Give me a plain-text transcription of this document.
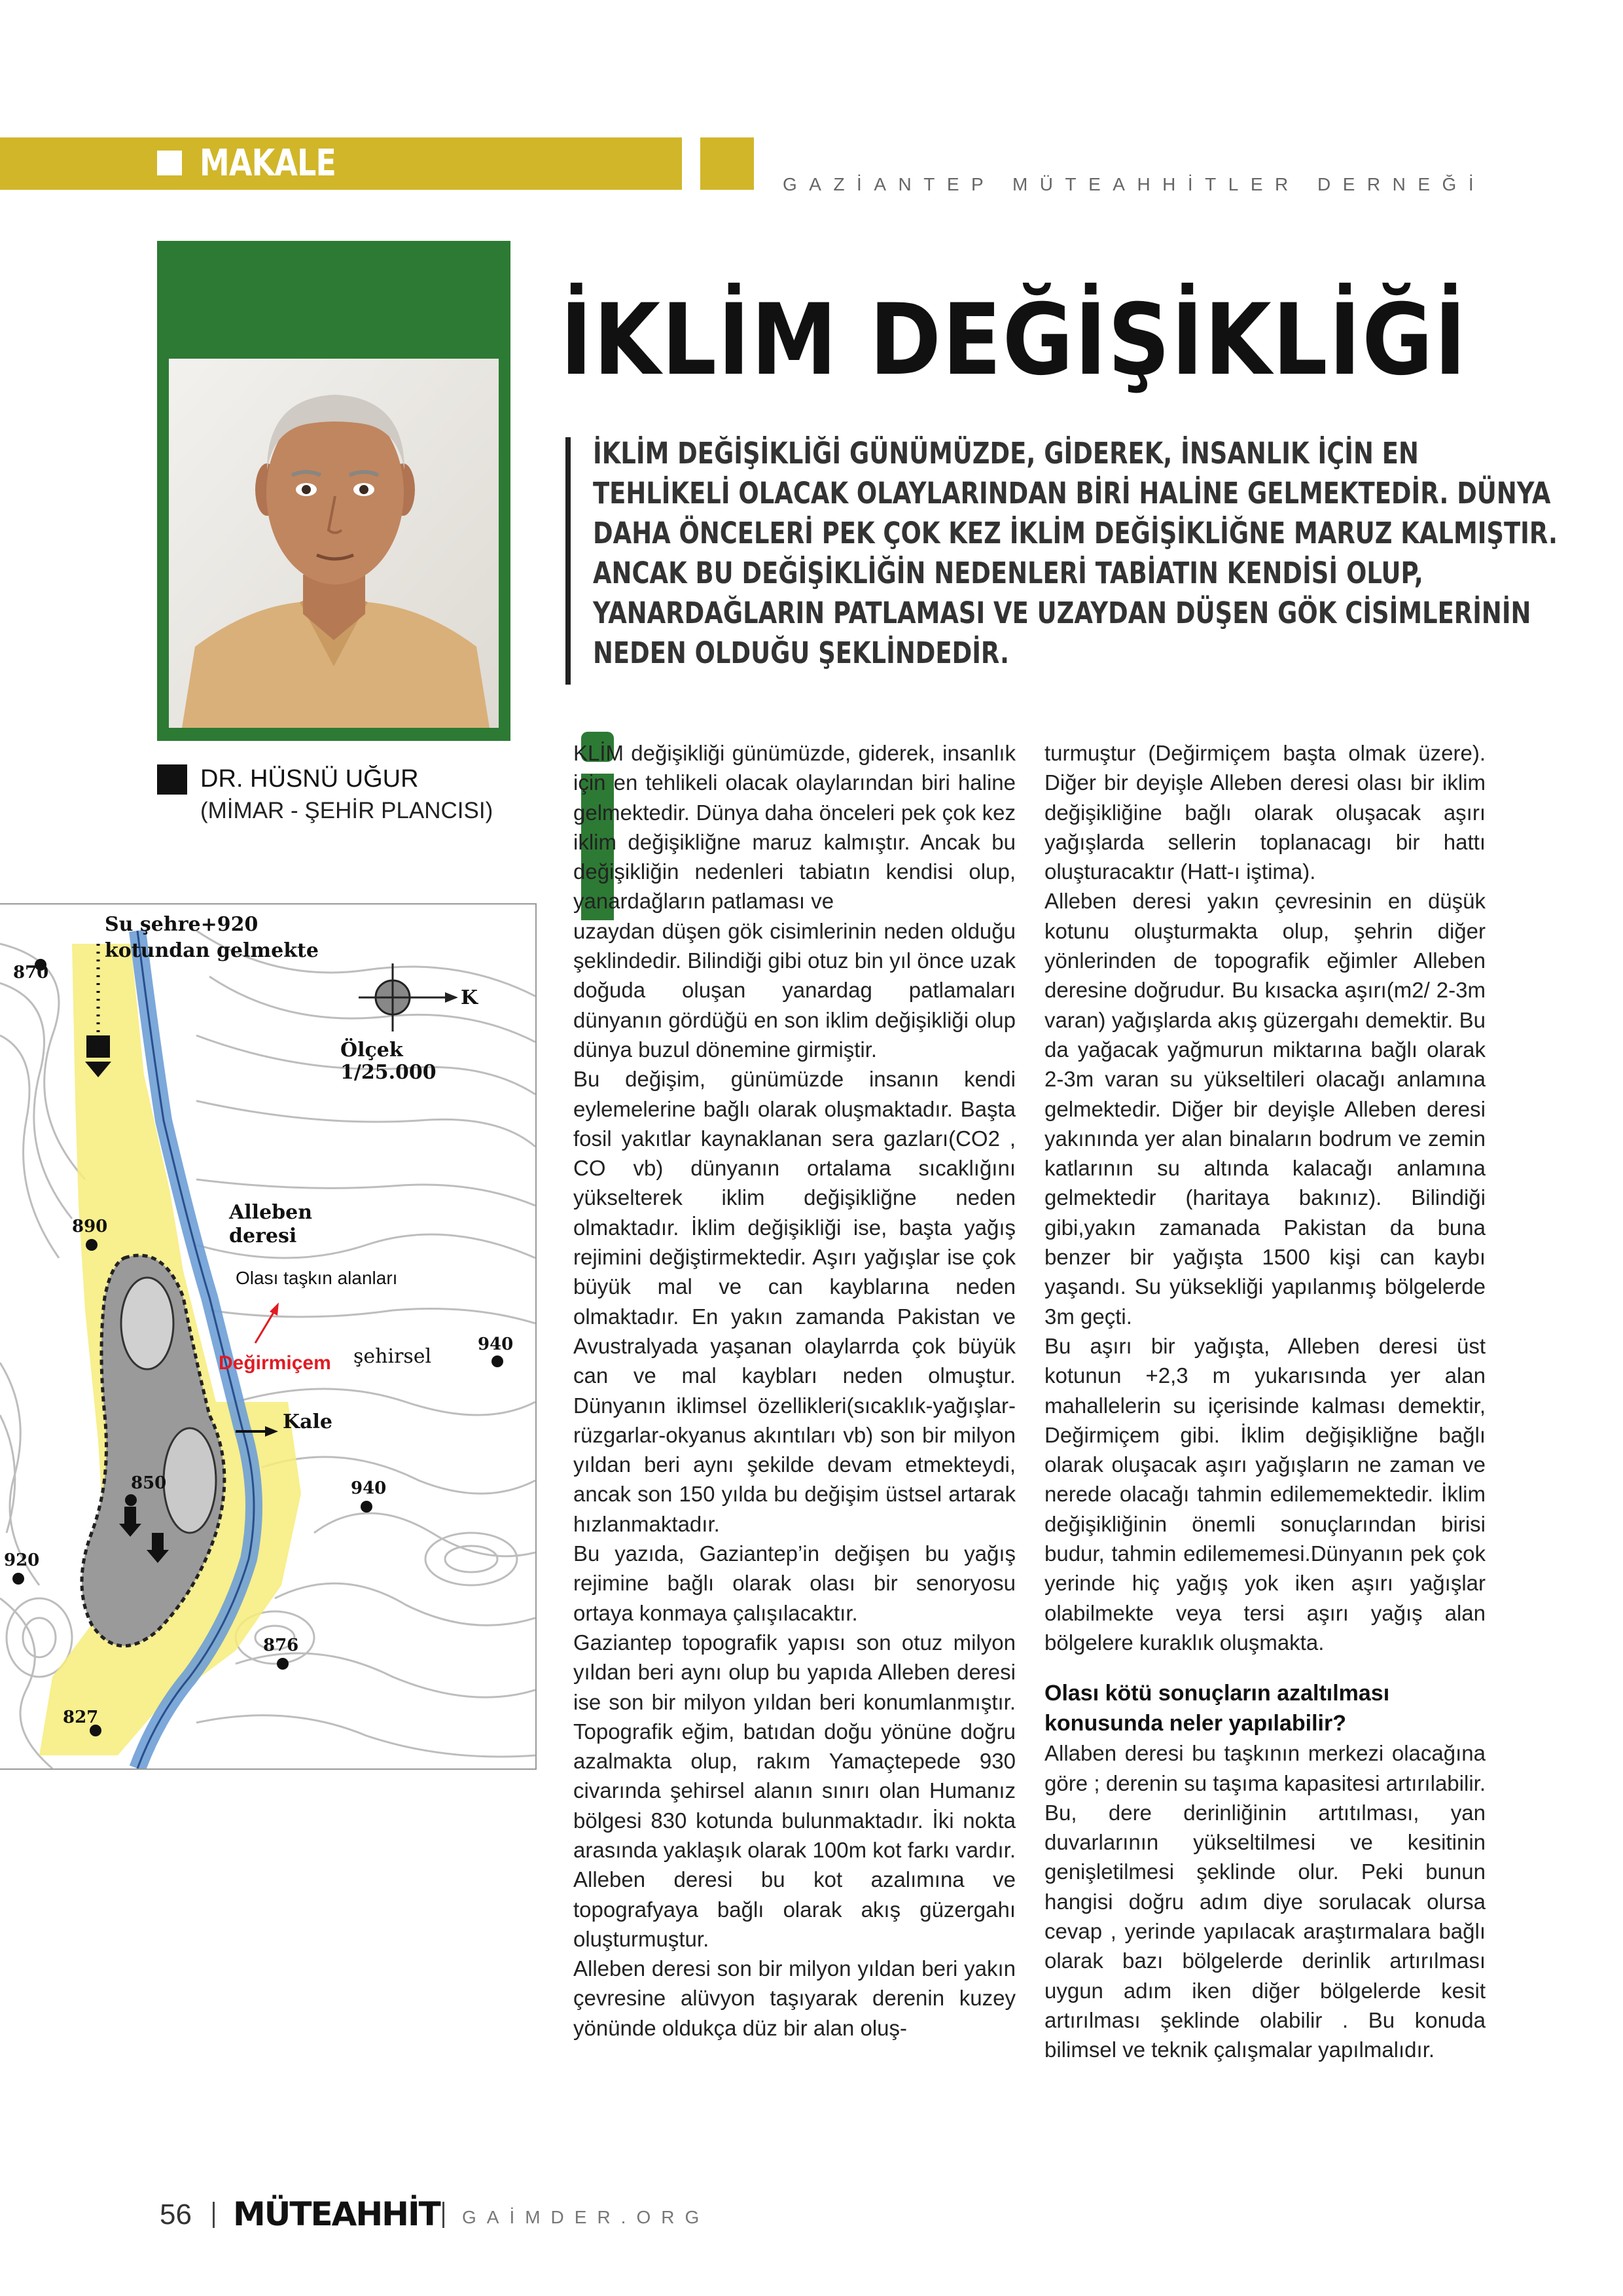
MAKALE	GAZİANTEP MÜTEAHHİTLER DERNEĞİ
DR. HÜSNÜ UĞUR
(MİMAR - ŞEHİR PLANCISI)
İKLİM DEĞİŞİKLİĞİ
İKLİM DEĞİŞİKLİĞİ GÜNÜMÜZDE, GİDEREK, İNSANLIK İÇİN EN
TEHLİKELİ OLACAK OLAYLARINDAN BİRİ HALİNE GELMEKTEDİR. DÜNYA
DAHA ÖNCELERİ PEK ÇOK KEZ İKLİM DEĞİŞİKLİĞNE MARUZ KALMIŞTIR.
ANCAK BU DEĞİŞİKLİĞİN NEDENLERİ TABİATIN KENDİSİ OLUP,
YANARDAĞLARIN PATLAMASI VE UZAYDAN DÜŞEN GÖK CİSİMLERİNİN
NEDEN OLDUĞU ŞEKLİNDEDİR.
Su şehre+920
kotundan gelmekte
K
Ölçek
1/25.000
Alleben
deresi
şehirsel
Kale
870
890
940
850	940
920
876
827
Olası taşkın alanları
Değirmiçem

KLİM değişikliği günümüzde, giderek, insanlık için en tehlikeli olacak olaylarından biri haline gelmektedir. Dünya daha önceleri pek çok kez iklim değişikliğne maruz kalmıştır. Ancak bu değişikliğin nedenleri tabiatın kendisi olup, yanardağların patlaması ve

uzaydan düşen gök cisimlerinin neden olduğu şeklindedir. Bilindiği gibi otuz bin yıl önce uzak doğuda oluşan yanardag patlamaları dünyanın gördüğü en son iklim değişikliği olup dünya buzul dönemine girmiştir.

Bu değişim, günümüzde insanın kendi eylemelerine bağlı olarak oluşmaktadır. Başta fosil yakıtlar kaynaklanan sera gazları(CO2 , CO vb) dünyanın ortalama sıcaklığını yükselterek iklim değişikliğne neden olmaktadır. İklim değişikliği ise, başta yağış rejimini değiştirmektedir. Aşırı yağışlar ise çok büyük mal ve can kayblarına neden olmaktadır. En yakın zamanda Pakistan ve Avustralyada yaşanan olaylarrda çok büyük can ve mal kaybları neden olmuştur. Dünyanın iklimsel özellikleri(sıcaklık-yağışlar-rüzgarlar-okyanus akıntıları vb) son bir milyon yıldan beri aynı şekilde devam etmekteydi, ancak son 150 yılda bu değişim üstsel artarak hızlanmaktadır.

Bu yazıda, Gaziantep’in değişen bu yağış rejimine bağlı olarak olası bir senoryosu ortaya konmaya çalışılacaktır.

Gaziantep topografik yapısı son otuz milyon yıldan beri aynı olup bu yapıda Alleben deresi ise son bir milyon yıldan beri konumlanmıştır. Topografik eğim, batıdan doğu yönüne doğru azalmakta olup, rakım Yamaçtepede 930 civarında şehirsel alanın sınırı olan Humanız bölgesi 830 kotunda bulunmaktadır. İki nokta arasında yaklaşık olarak 100m kot farkı vardır. Alleben deresi bu kot azalımına ve topografyaya bağlı olarak akış güzergahı oluşturmuştur.

Alleben deresi son bir milyon yıldan beri yakın çevresine alüvyon taşıyarak derenin kuzey yönünde oldukça düz bir alan oluş-

turmuştur (Değirmiçem başta olmak üzere). Diğer bir deyişle Alleben deresi olası bir iklim değişikliğine bağlı olarak oluşacak aşırı yağışlarda sellerin toplanacagı bir hattı oluşturacaktır (Hatt-ı iştima).

Alleben deresi yakın çevresinin en düşük kotunu oluşturmakta olup, şehrin diğer yönlerinden de topografik eğimler Alleben deresine doğrudur. Bu kısacka aşırı(m2/ 2-3m varan) yağışlarda akış güzergahı demektir. Bu da yağacak yağmurun miktarına bağlı olarak 2-3m varan su yükseltileri olacağı anlamına gelmektedir. Diğer bir deyişle Alleben deresi yakınında yer alan binaların bodrum ve zemin katlarının su altında kalacağı anlamına gelmektedir (haritaya bakınız). Bilindiği gibi,yakın zamanada Pakistan da buna benzer bir yağışta 1500 kişi can kaybı yaşandı. Su yüksekliği yapılanmış bölgelerde 3m geçti.

Bu aşırı bir yağışta, Alleben deresi üst kotunun +2,3 m yukarısında yer alan mahallelerin su içerisinde kalması demektir, Değirmiçem gibi. İklim değişikliğne bağlı olarak oluşacak aşırı yağışların ne zaman ve nerede olacağı tahmin edilememektedir. İklim değişikliğinin önemli sonuçlarından birisi budur, tahmin edilememesi.Dünyanın pek çok yerinde hiç yağış yok iken aşırı yağışlar olabilmekte veya tersi aşırı yağış alan bölgelere kuraklık oluşmakta.

Olası kötü sonuçların azaltılması konusunda neler yapılabilir?

Allaben deresi bu taşkının merkezi olacağına göre ; derenin su taşıma kapasitesi artırılabilir. Bu, dere derinliğinin artıtılması, yan duvarlarının yükseltilmesi ve kesitinin genişletilmesi şeklinde olur. Peki bunun hangisi doğru adım diye sorulacak olursa cevap , yerinde yapılacak araştırmalara bağlı olarak bazı bölgelerde derinlik artırılması uygun adım iken diğer bölgelerde kesit artırılması şeklinde olabilir . Bu konuda bilimsel ve teknik çalışmalar yapılmalıdır.

56 MÜTEAHHİT GAİMDER.ORG
